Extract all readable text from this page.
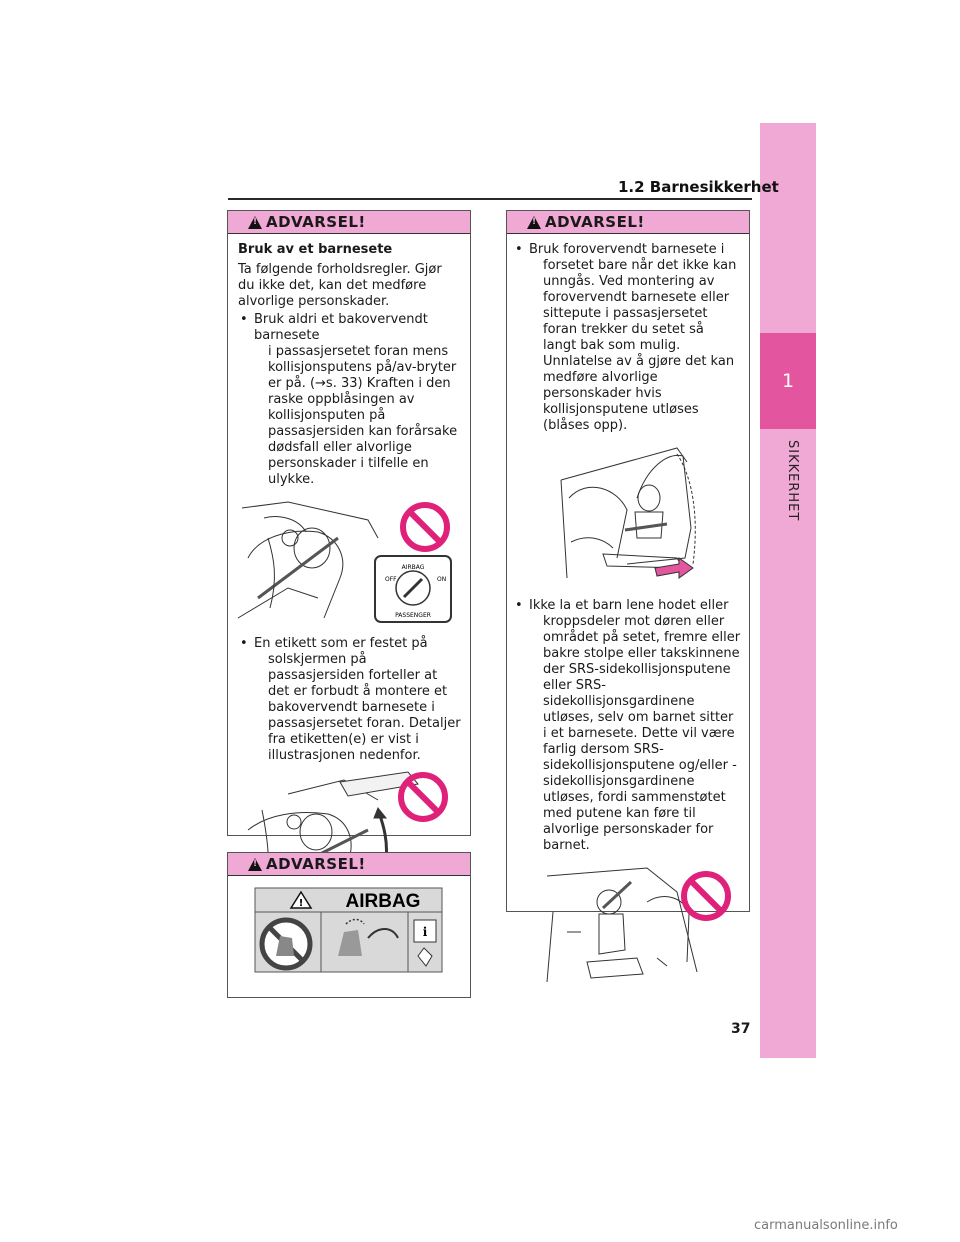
1
SIKKERHET
1.2 Barnesikkerhet
!
ADVARSEL!
Bruk av et barnesete

Ta følgende forholdsregler. Gjør du ikke det, kan det medføre alvorlige personskader.

• Bruk aldri et bakovervendt barnesete
i passasjersetet foran mens kollisjonsputens på/av-bryter er på. (→s. 33) Kraften i den raske oppblåsingen av kollisjonsputen på passasjersiden kan forårsake dødsfall eller alvorlige personskader i tilfelle en ulykke.

AIRBAG
OFF	ON
PASSENGER

• En etikett som er festet på
solskjermen på passasjersiden forteller at det er forbudt å montere et bakovervendt barnesete i passasjersetet foran. Detaljer fra etiketten(e) er vist i illustrasjonen nedenfor.

!
ADVARSEL!
! AIRBAG
i
!
ADVARSEL!

• Bruk forovervendt barnesete i
forsetet bare når det ikke kan unngås. Ved montering av forovervendt barnesete eller sittepute i passasjersetet foran trekker du setet så langt bak som mulig. Unnlatelse av å gjøre det kan medføre alvorlige personskader hvis kollisjonsputene utløses (blåses opp).

• Ikke la et barn lene hodet eller
kroppsdeler mot døren eller området på setet, fremre eller bakre stolpe eller takskinnene der SRS-sidekollisjonsputene eller SRS-sidekollisjonsgardinene utløses, selv om barnet sitter i et barnesete. Dette vil være farlig dersom SRS-sidekollisjonsputene og/eller -sidekollisjonsgardinene utløses, fordi sammenstøtet med putene kan føre til alvorlige personskader for barnet.

37
carmanualsonline.info
